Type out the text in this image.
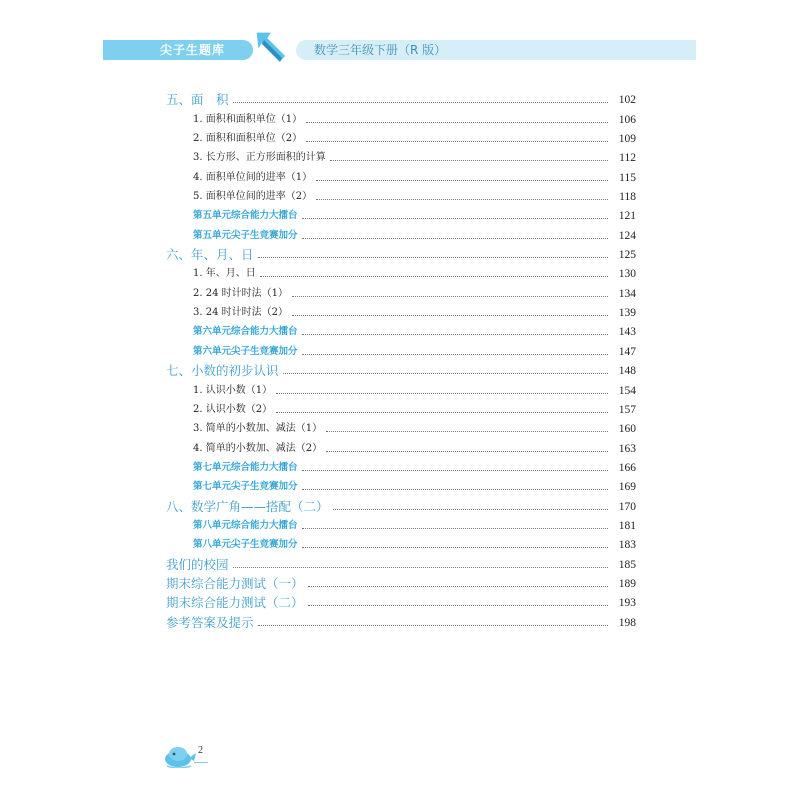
尖子生题库	数学三年级下册（R 版）
五、面　积	102
1. 面积和面积单位（1）	106
2. 面积和面积单位（2）	109
3. 长方形、正方形面积的计算	112
4. 面积单位间的进率（1）	115
5. 面积单位间的进率（2）	118
第五单元综合能力大擂台	121
第五单元尖子生竞赛加分	124
六、年、月、日	125
1. 年、月、日	130
2. 24 时计时法（1）	134
3. 24 时计时法（2）	139
第六单元综合能力大擂台	143
第六单元尖子生竞赛加分	147
七、小数的初步认识	148
1. 认识小数（1）	154
2. 认识小数（2）	157
3. 简单的小数加、减法（1）	160
4. 简单的小数加、减法（2）	163
第七单元综合能力大擂台	166
第七单元尖子生竞赛加分	169
八、数学广角——搭配（二）	170
第八单元综合能力大擂台	181
第八单元尖子生竞赛加分	183
我们的校园	185
期末综合能力测试（一）	189
期末综合能力测试（二）	193
参考答案及提示	198
2
